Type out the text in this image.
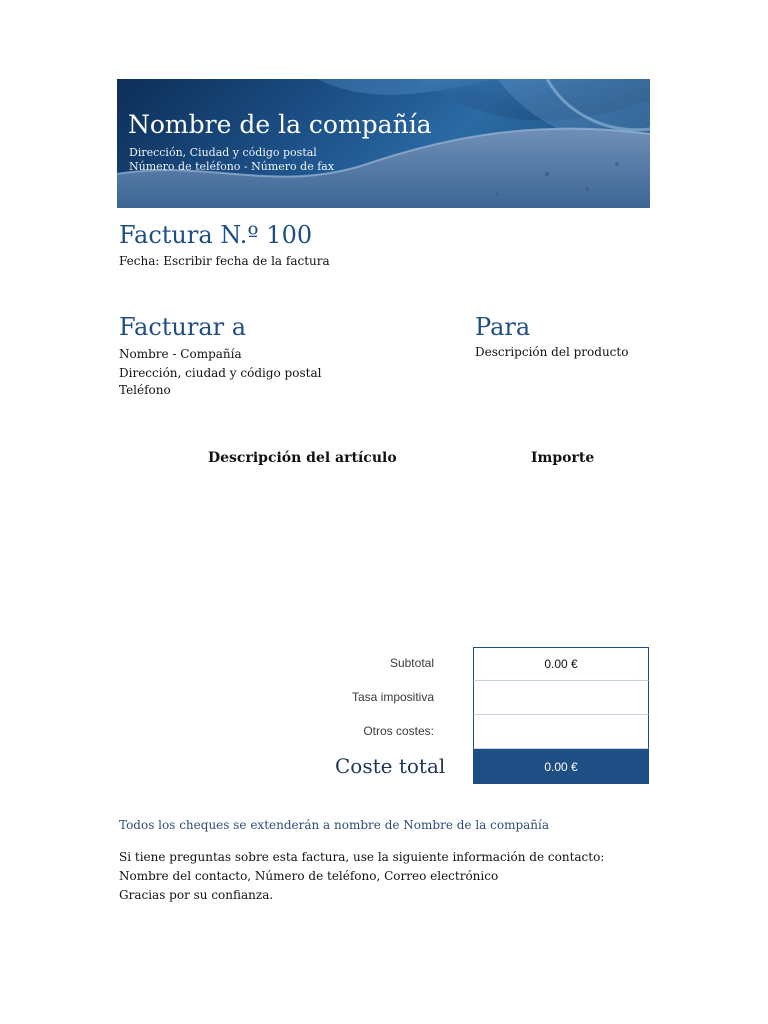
Nombre de la compañía
Dirección, Ciudad y código postal
Número de teléfono - Número de fax
Factura N.º 100
Fecha: Escribir fecha de la factura
Facturar a
Nombre - Compañía
Dirección, ciudad y código postal
Teléfono
Para
Descripción del producto
Descripción del artículo	Importe
Subtotal	0.00 €
Tasa impositiva
Otros costes:
Coste total	0.00 €
Todos los cheques se extenderán a nombre de Nombre de la compañía
Si tiene preguntas sobre esta factura, use la siguiente información de contacto:
Nombre del contacto, Número de teléfono, Correo electrónico
Gracias por su confianza.
